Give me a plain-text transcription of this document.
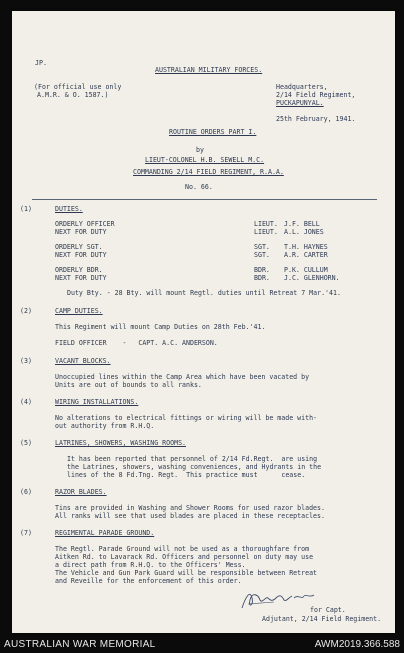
JP.
AUSTRALIAN MILITARY FORCES.
(For official use only
A.M.R. & O. 1587.)
Headquarters,
2/14 Field Regiment,
PUCKAPUNYAL.
25th February, 1941.
ROUTINE ORDERS PART I.
by
LIEUT-COLONEL H.B. SEWELL M.C.
COMMANDING 2/14 FIELD REGIMENT, R.A.A.
No. 66.
(1)	DUTIES.
ORDERLY OFFICER	LIEUT. J.F. BELL
NEXT FOR DUTY	LIEUT. A.L. JONES
ORDERLY SGT.	SGT. T.H. HAYNES
NEXT FOR DUTY	SGT. A.R. CARTER
ORDERLY BDR.	BDR. P.K. CULLUM
NEXT FOR DUTY	BDR. J.C. GLENHORN.
Duty Bty. - 28 Bty. will mount Regtl. duties until Retreat 7 Mar.'41.
(2)	CAMP DUTIES.
This Regiment will mount Camp Duties on 28th Feb.'41.
FIELD OFFICER    -   CAPT. A.C. ANDERSON.
(3)	VACANT BLOCKS.
Unoccupied lines within the Camp Area which have been vacated by
Units are out of bounds to all ranks.
(4)	WIRING INSTALLATIONS.
No alterations to electrical fittings or wiring will be made with-
out authority from R.H.Q.
(5)	LATRINES, SHOWERS, WASHING ROOMS.
It has been reported that personnel of 2/14 Fd.Regt.  are using
the Latrines, showers, washing conveniences, and Hydrants in the
lines of the 8 Fd.Tng. Regt.  This practice must      cease.
(6)	RAZOR BLADES.
Tins are provided in Washing and Shower Rooms for used razor blades.
All ranks will see that used blades are placed in these receptacles.
(7)	REGIMENTAL PARADE GROUND.
The Regtl. Parade Ground will not be used as a thoroughfare from
Aitken Rd. to Lavarack Rd. Officers and personnel on duty may use
a direct path from R.H.Q. to the Officers' Mess.
The Vehicle and Gun Park Guard will be responsible between Retreat
and Reveille for the enforcement of this order.
for Capt.
Adjutant, 2/14 Field Regiment.
AUSTRALIAN WAR MEMORIAL	AWM2019.366.588
